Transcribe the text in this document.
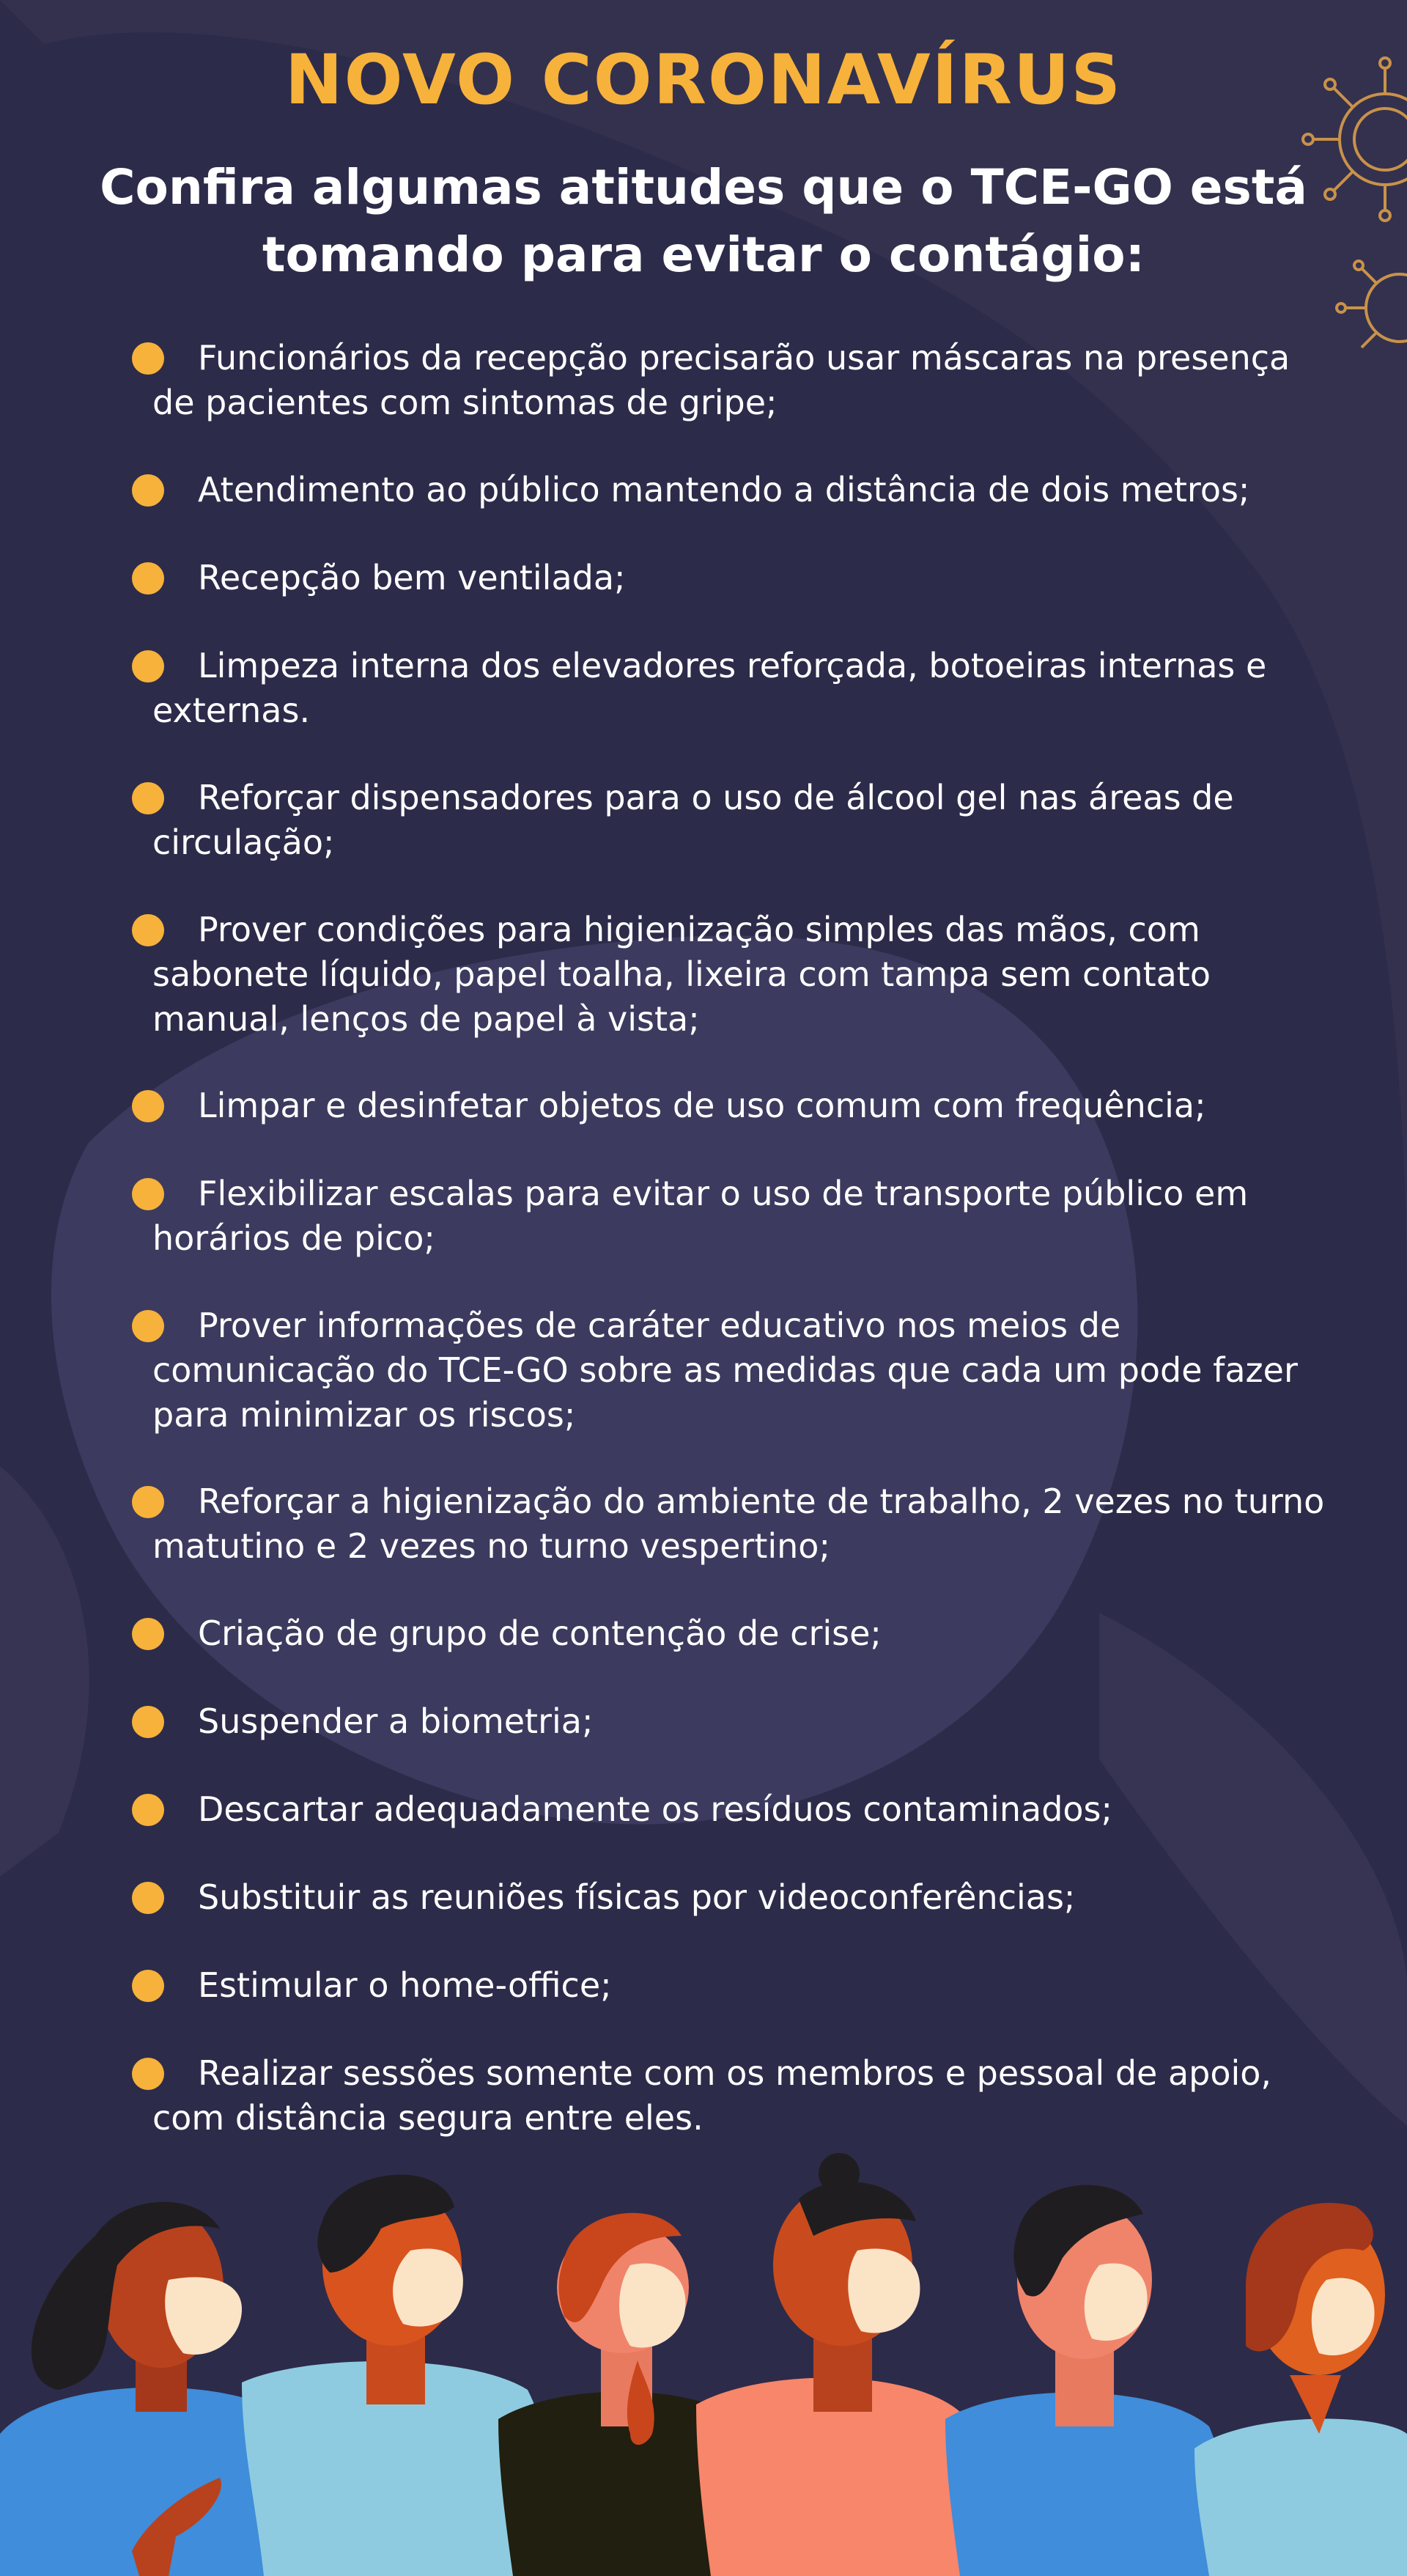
NOVO CORONAVÍRUS
Confira algumas atitudes que o TCE-GO está tomando para evitar o contágio:
Funcionários da recepção precisarão usar máscaras na presença de pacientes com sintomas de gripe;
Atendimento ao público mantendo a distância de dois metros;
Recepção bem ventilada;
Limpeza interna dos elevadores reforçada, botoeiras internas e externas.
Reforçar dispensadores para o uso de álcool gel nas áreas de circulação;
Prover condições para higienização simples das mãos, com sabonete líquido, papel toalha, lixeira com tampa sem contato manual, lenços de papel à vista;
Limpar e desinfetar objetos de uso comum com frequência;
Flexibilizar escalas para evitar o uso de transporte público em horários de pico;
Prover informações de caráter educativo nos meios de comunicação do TCE-GO sobre as medidas que cada um pode fazer para minimizar os riscos;
Reforçar a higienização do ambiente de trabalho, 2 vezes no turno matutino e 2 vezes no turno vespertino;
Criação de grupo de contenção de crise;
Suspender a biometria;
Descartar adequadamente os resíduos contaminados;
Substituir as reuniões físicas por videoconferências;
Estimular o home-office;
Realizar sessões somente com os membros e pessoal de apoio, com distância segura entre eles.
